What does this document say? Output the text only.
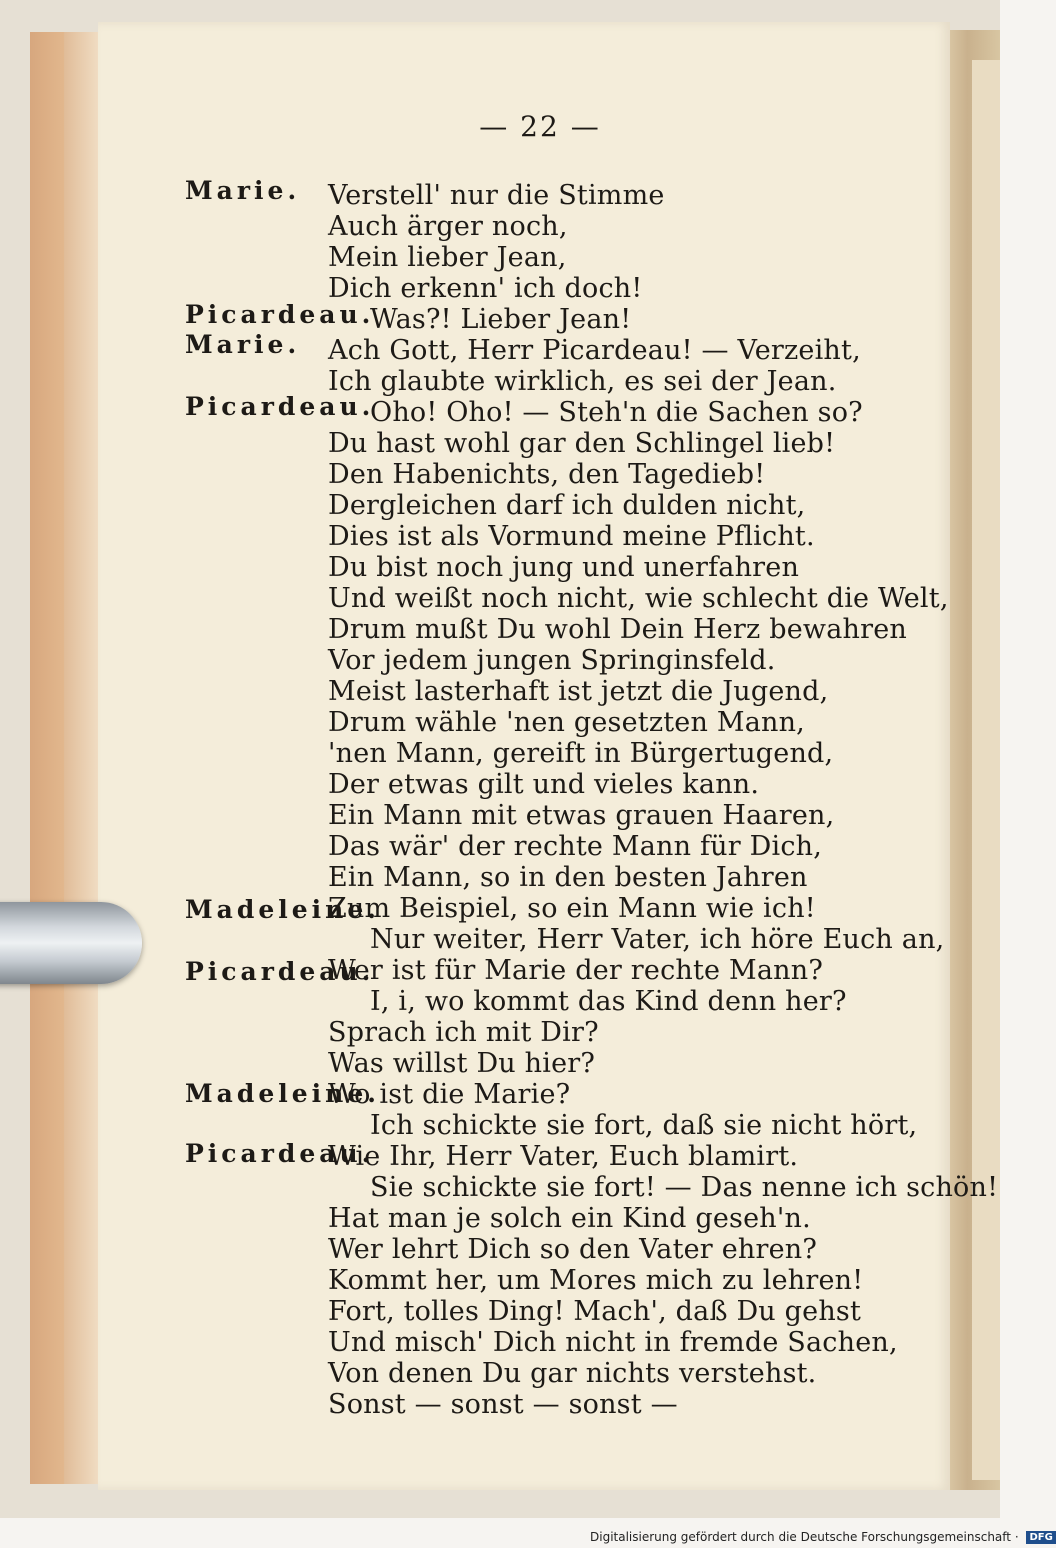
— 22 —
Marie.
Picardeau.
Marie.
Picardeau.
Madeleine.
Picardeau.
Madeleine.
Picardeau.
Verstell' nur die Stimme
Auch ärger noch,
Mein lieber Jean,
Dich erkenn' ich doch!
Was?! Lieber Jean!
Ach Gott, Herr Picardeau! — Verzeiht,
Ich glaubte wirklich, es sei der Jean.
Oho! Oho! — Steh'n die Sachen so?
Du hast wohl gar den Schlingel lieb!
Den Habenichts, den Tagedieb!
Dergleichen darf ich dulden nicht,
Dies ist als Vormund meine Pflicht.
Du bist noch jung und unerfahren
Und weißt noch nicht, wie schlecht die Welt,
Drum mußt Du wohl Dein Herz bewahren
Vor jedem jungen Springinsfeld.
Meist lasterhaft ist jetzt die Jugend,
Drum wähle 'nen gesetzten Mann,
'nen Mann, gereift in Bürgertugend,
Der etwas gilt und vieles kann.
Ein Mann mit etwas grauen Haaren,
Das wär' der rechte Mann für Dich,
Ein Mann, so in den besten Jahren
Zum Beispiel, so ein Mann wie ich!
Nur weiter, Herr Vater, ich höre Euch an,
Wer ist für Marie der rechte Mann?
I, i, wo kommt das Kind denn her?
Sprach ich mit Dir?
Was willst Du hier?
Wo ist die Marie?
Ich schickte sie fort, daß sie nicht hört,
Wie Ihr, Herr Vater, Euch blamirt.
Sie schickte sie fort! — Das nenne ich schön!
Hat man je solch ein Kind geseh'n.
Wer lehrt Dich so den Vater ehren?
Kommt her, um Mores mich zu lehren!
Fort, tolles Ding! Mach', daß Du gehst
Und misch' Dich nicht in fremde Sachen,
Von denen Du gar nichts verstehst.
Sonst — sonst — sonst —
Digitalisierung gefördert durch die Deutsche Forschungsgemeinschaft · DFG
